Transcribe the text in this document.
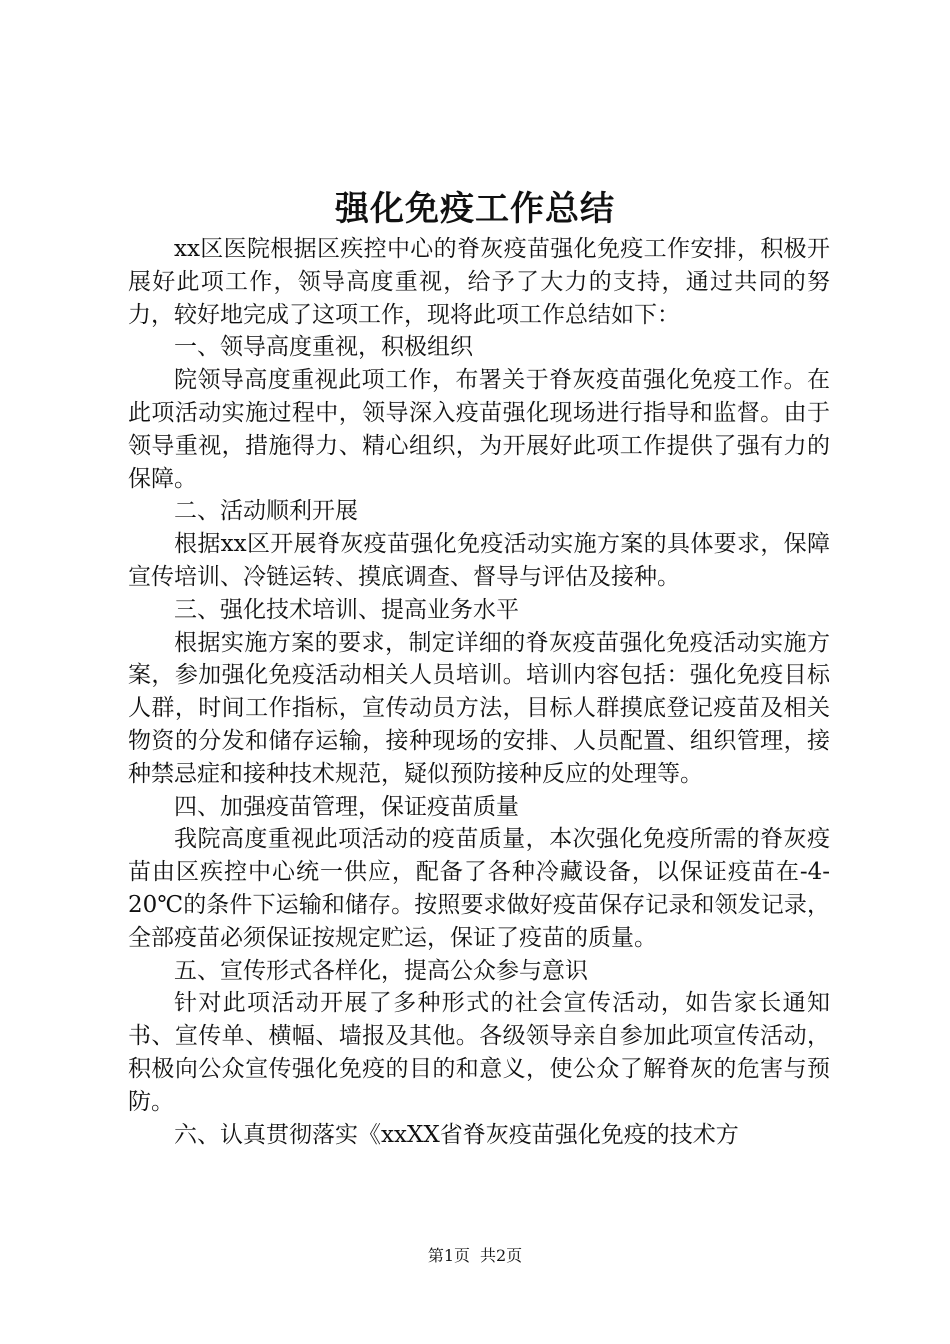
强化免疫工作总结

xx区医院根据区疾控中心的脊灰疫苗强化免疫工作安排，积极开展好此项工作，领导高度重视，给予了大力的支持，通过共同的努力，较好地完成了这项工作，现将此项工作总结如下：

一、领导高度重视，积极组织

院领导高度重视此项工作，布署关于脊灰疫苗强化免疫工作。在此项活动实施过程中，领导深入疫苗强化现场进行指导和监督。由于领导重视，措施得力、精心组织，为开展好此项工作提供了强有力的保障。

二、活动顺利开展

根据xx区开展脊灰疫苗强化免疫活动实施方案的具体要求，保障宣传培训、冷链运转、摸底调查、督导与评估及接种。

三、强化技术培训、提高业务水平

根据实施方案的要求，制定详细的脊灰疫苗强化免疫活动实施方案，参加强化免疫活动相关人员培训。培训内容包括：强化免疫目标人群，时间工作指标，宣传动员方法，目标人群摸底登记疫苗及相关物资的分发和储存运输，接种现场的安排、人员配置、组织管理，接种禁忌症和接种技术规范，疑似预防接种反应的处理等。

四、加强疫苗管理，保证疫苗质量

我院高度重视此项活动的疫苗质量，本次强化免疫所需的脊灰疫苗由区疾控中心统一供应，配备了各种冷藏设备，以保证疫苗在-4-20℃的条件下运输和储存。按照要求做好疫苗保存记录和领发记录，全部疫苗必须保证按规定贮运，保证了疫苗的质量。

五、宣传形式各样化，提高公众参与意识

针对此项活动开展了多种形式的社会宣传活动，如告家长通知书、宣传单、横幅、墙报及其他。各级领导亲自参加此项宣传活动，积极向公众宣传强化免疫的目的和意义，使公众了解脊灰的危害与预防。

六、认真贯彻落实《xxXX省脊灰疫苗强化免疫的技术方

第1页 共2页
